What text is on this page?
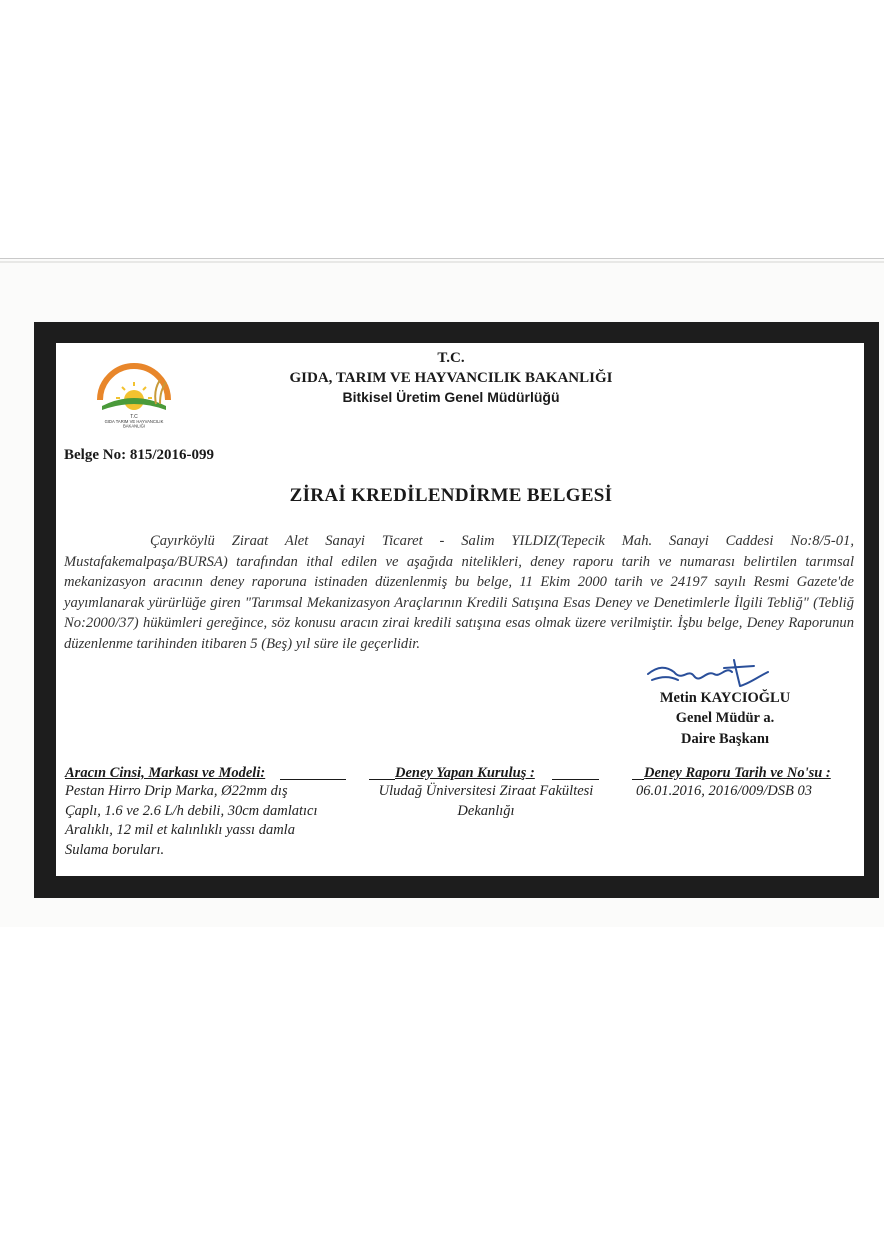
T.C
GIDA TARIM VE HAYVANCILIK
BAKANLIĞI
T.C.
GIDA, TARIM VE HAYVANCILIK BAKANLIĞI
Bitkisel Üretim Genel Müdürlüğü
Belge No: 815/2016-099
ZİRAİ KREDİLENDİRME BELGESİ

Çayırköylü Ziraat Alet Sanayi Ticaret - Salim YILDIZ(Tepecik Mah. Sanayi Caddesi No:8/5-01, Mustafakemalpaşa/BURSA) tarafından ithal edilen ve aşağıda nitelikleri, deney raporu tarih ve numarası belirtilen tarımsal mekanizasyon aracının deney raporuna istinaden düzenlenmiş bu belge, 11 Ekim 2000 tarih ve 24197 sayılı Resmi Gazete'de yayımlanarak yürürlüğe giren "Tarımsal Mekanizasyon Araçlarının Kredili Satışına Esas Deney ve Denetimlerle İlgili Tebliğ" (Tebliğ No:2000/37) hükümleri gereğince, söz konusu aracın zirai kredili satışına esas olmak üzere verilmiştir. İşbu belge, Deney Raporunun düzenlenme tarihinden itibaren 5 (Beş) yıl süre ile geçerlidir.

Metin KAYCIOĞLU
Genel Müdür a.
Daire Başkanı
Aracın Cinsi, Markası ve Modeli:

Pestan Hirro Drip Marka, Ø22mm dış
Çaplı, 1.6 ve 2.6 L/h debili, 30cm damlatıcı
Aralıklı, 12 mil et kalınlıklı yassı damla
Sulama boruları.

Deney Yapan Kuruluş :

Uludağ Üniversitesi Ziraat Fakültesi
Dekanlığı

Deney Raporu Tarih ve No'su :

06.01.2016, 2016/009/DSB 03
